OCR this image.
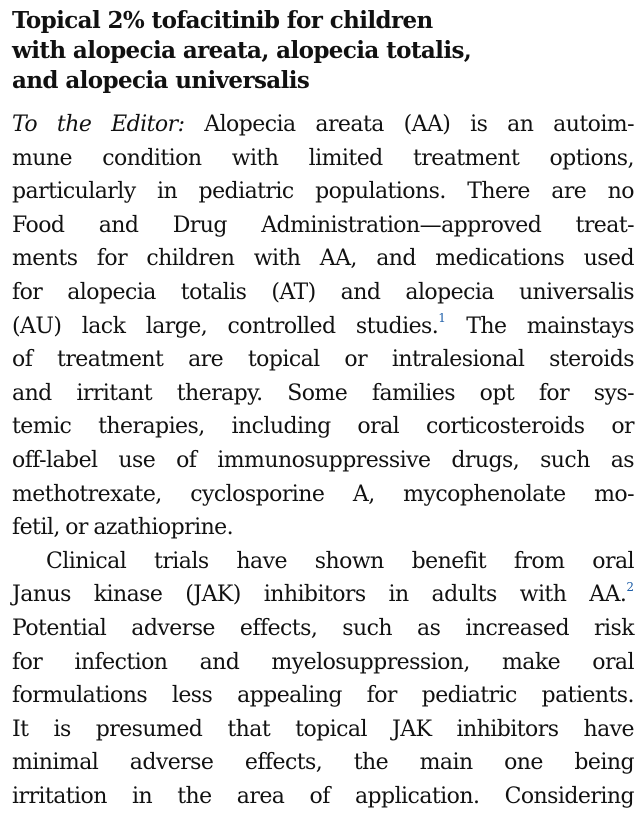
Topical 2% tofacitinib for children
with alopecia areata, alopecia totalis,
and alopecia universalis
To the Editor: Alopecia areata (AA) is an autoim-
mune condition with limited treatment options,
particularly in pediatric populations. There are no
Food and Drug Administration—approved treat-
ments for children with AA, and medications used
for alopecia totalis (AT) and alopecia universalis
(AU) lack large, controlled studies.$^1$ The mainstays
of treatment are topical or intralesional steroids
and irritant therapy. Some families opt for sys-
temic therapies, including oral corticosteroids or
off-label use of immunosuppressive drugs, such as
methotrexate, cyclosporine A, mycophenolate mo-
fetil, or azathioprine.
Clinical trials have shown benefit from oral
Janus kinase (JAK) inhibitors in adults with AA.$^2$
Potential adverse effects, such as increased risk
for infection and myelosuppression, make oral
formulations less appealing for pediatric patients.
It is presumed that topical JAK inhibitors have
minimal adverse effects, the main one being
irritation in the area of application. Considering
